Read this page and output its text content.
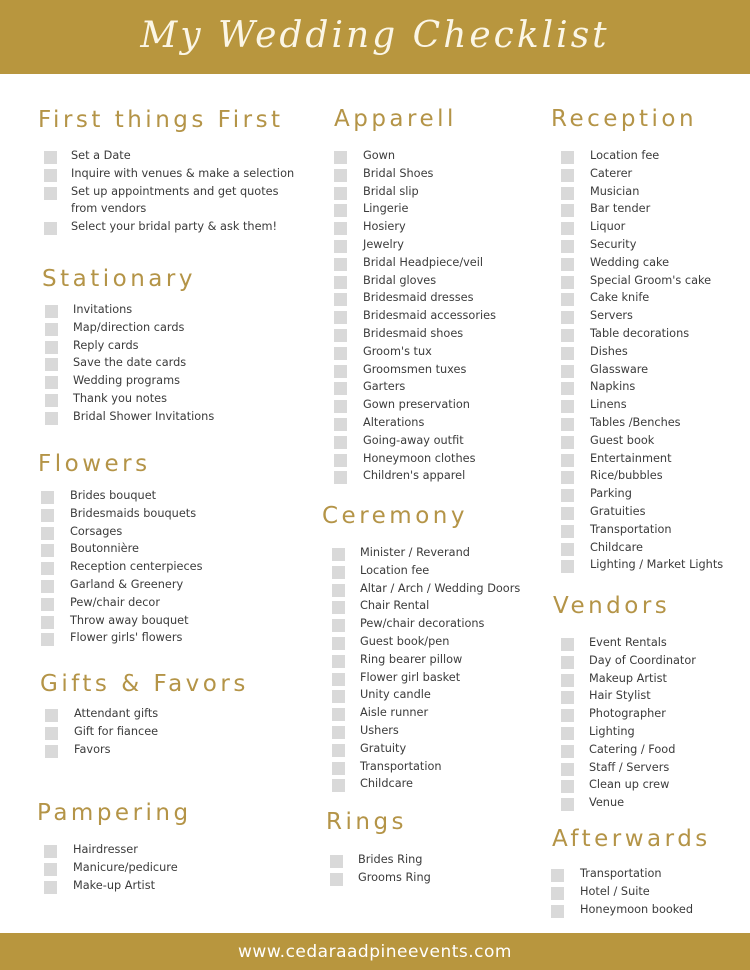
My Wedding Checklist
First things First
Set a Date
Inquire with venues & make a selection
Set up appointments and get quotes from vendors
Select your bridal party & ask them!
Stationary
Invitations
Map/direction cards
Reply cards
Save the date cards
Wedding programs
Thank you notes
Bridal Shower Invitations
Flowers
Brides bouquet
Bridesmaids bouquets
Corsages
Boutonnière
Reception centerpieces
Garland & Greenery
Pew/chair decor
Throw away bouquet
Flower girls' flowers
Gifts & Favors
Attendant gifts
Gift for fiancee
Favors
Pampering
Hairdresser
Manicure/pedicure
Make-up Artist
Apparell
Gown
Bridal Shoes
Bridal slip
Lingerie
Hosiery
Jewelry
Bridal Headpiece/veil
Bridal gloves
Bridesmaid dresses
Bridesmaid accessories
Bridesmaid shoes
Groom's tux
Groomsmen tuxes
Garters
Gown preservation
Alterations
Going-away outfit
Honeymoon clothes
Children's apparel
Ceremony
Minister / Reverand
Location fee
Altar / Arch / Wedding Doors
Chair Rental
Pew/chair decorations
Guest book/pen
Ring bearer pillow
Flower girl basket
Unity candle
Aisle runner
Ushers
Gratuity
Transportation
Childcare
Rings
Brides Ring
Grooms Ring
Reception
Location fee
Caterer
Musician
Bar tender
Liquor
Security
Wedding cake
Special Groom's cake
Cake knife
Servers
Table decorations
Dishes
Glassware
Napkins
Linens
Tables /Benches
Guest book
Entertainment
Rice/bubbles
Parking
Gratuities
Transportation
Childcare
Lighting / Market Lights
Vendors
Event Rentals
Day of Coordinator
Makeup Artist
Hair Stylist
Photographer
Lighting
Catering / Food
Staff / Servers
Clean up crew
Venue
Afterwards
Transportation
Hotel / Suite
Honeymoon booked
www.cedaraadpineevents.com
